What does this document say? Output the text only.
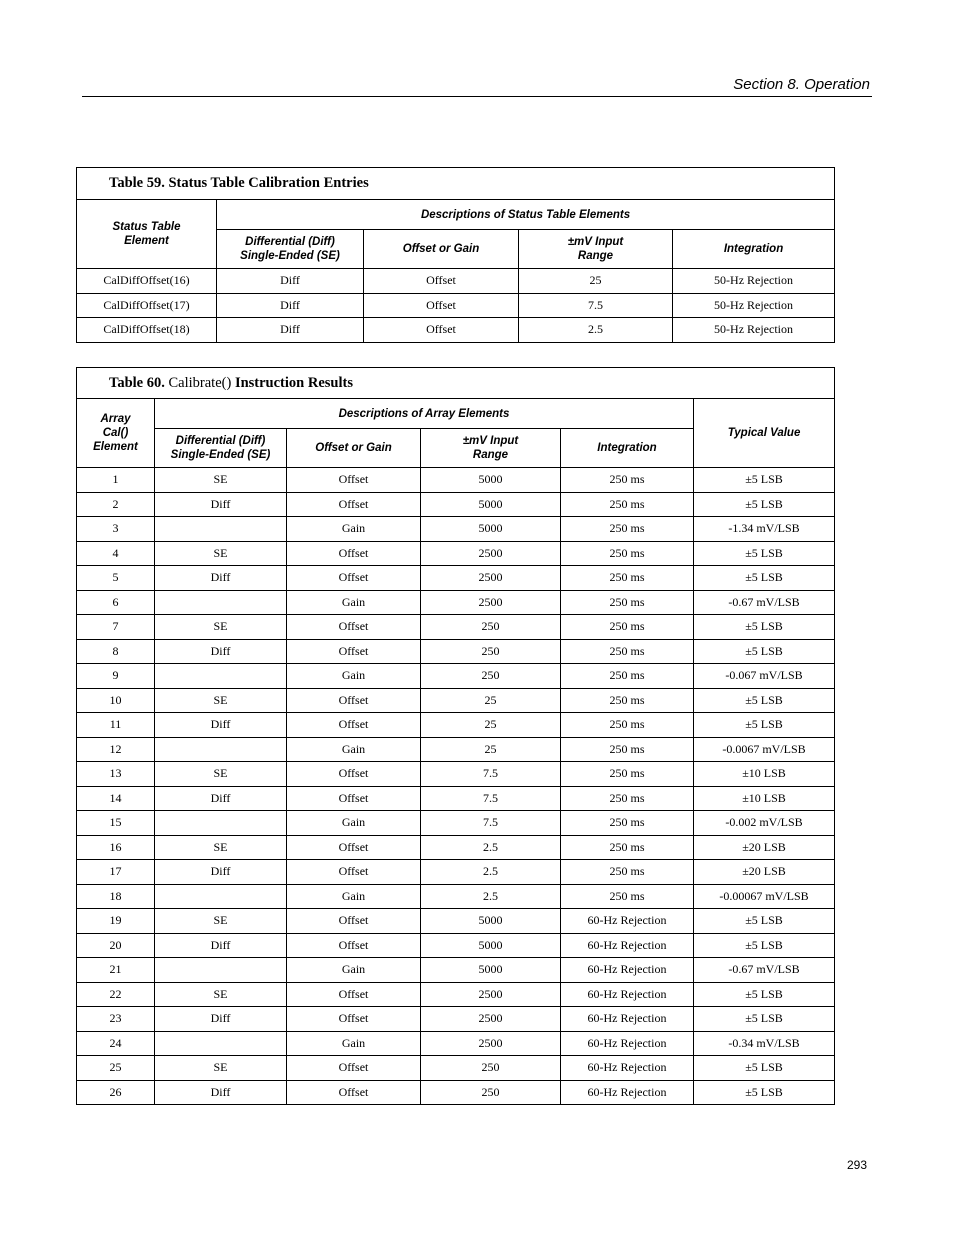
Section 8. Operation
Table 59. Status Table Calibration Entries				

Status Table Element	Descriptions of Status Table Elements			

	Differential (Diff) Single-Ended (SE)	Offset or Gain	±mV Input Range	Integration
CalDiffOffset(16)	Diff	Offset	25	50-Hz Rejection
CalDiffOffset(17)	Diff	Offset	7.5	50-Hz Rejection
CalDiffOffset(18)	Diff	Offset	2.5	50-Hz Rejection
Table 60. Calibrate() Instruction Results					

Array Cal() Element	Descriptions of Array Elements				Typical Value

	Differential (Diff) Single-Ended (SE)	Offset or Gain	±mV Input Range	Integration	
1	SE	Offset	5000	250 ms	±5 LSB
2	Diff	Offset	5000	250 ms	±5 LSB
3		Gain	5000	250 ms	-1.34 mV/LSB
4	SE	Offset	2500	250 ms	±5 LSB
5	Diff	Offset	2500	250 ms	±5 LSB
6		Gain	2500	250 ms	-0.67 mV/LSB
7	SE	Offset	250	250 ms	±5 LSB
8	Diff	Offset	250	250 ms	±5 LSB
9		Gain	250	250 ms	-0.067 mV/LSB
10	SE	Offset	25	250 ms	±5 LSB
11	Diff	Offset	25	250 ms	±5 LSB
12		Gain	25	250 ms	-0.0067 mV/LSB
13	SE	Offset	7.5	250 ms	±10 LSB
14	Diff	Offset	7.5	250 ms	±10 LSB
15		Gain	7.5	250 ms	-0.002 mV/LSB
16	SE	Offset	2.5	250 ms	±20 LSB
17	Diff	Offset	2.5	250 ms	±20 LSB
18		Gain	2.5	250 ms	-0.00067 mV/LSB
19	SE	Offset	5000	60-Hz Rejection	±5 LSB
20	Diff	Offset	5000	60-Hz Rejection	±5 LSB
21		Gain	5000	60-Hz Rejection	-0.67 mV/LSB
22	SE	Offset	2500	60-Hz Rejection	±5 LSB
23	Diff	Offset	2500	60-Hz Rejection	±5 LSB
24		Gain	2500	60-Hz Rejection	-0.34 mV/LSB
25	SE	Offset	250	60-Hz Rejection	±5 LSB
26	Diff	Offset	250	60-Hz Rejection	±5 LSB
293
